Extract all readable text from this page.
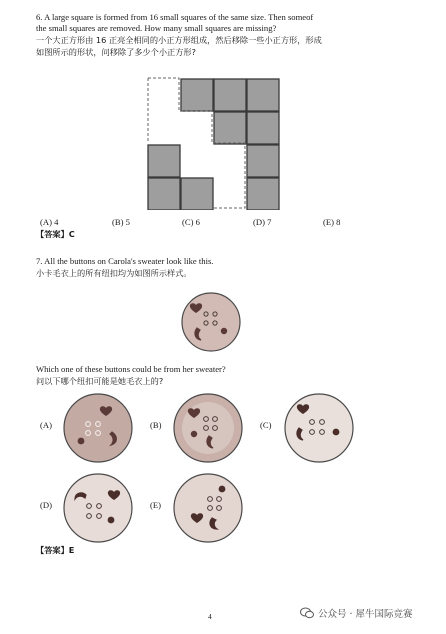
6. A large square is formed from 16 small squares of the same size. Then someof
the small squares are removed. How many small squares are missing?
一个大正方形由 16 正亮全相同的小正方形组成，然后移除一些小正方形，形成
如图所示的形状，问移除了多少个小正方形?
(A) 4	(B) 5	(C) 6	(D) 7	(E) 8
【答案】C
7. All the buttons on Carola's sweater look like this.
小卡毛衣上的所有纽扣均为如图所示样式。
Which one of these buttons could be from her sweater?
问以下哪个纽扣可能是她毛衣上的?
(A)	(B)	(C)
(D)	(E)
【答案】E
4	公众号 · 犀牛国际竞赛
